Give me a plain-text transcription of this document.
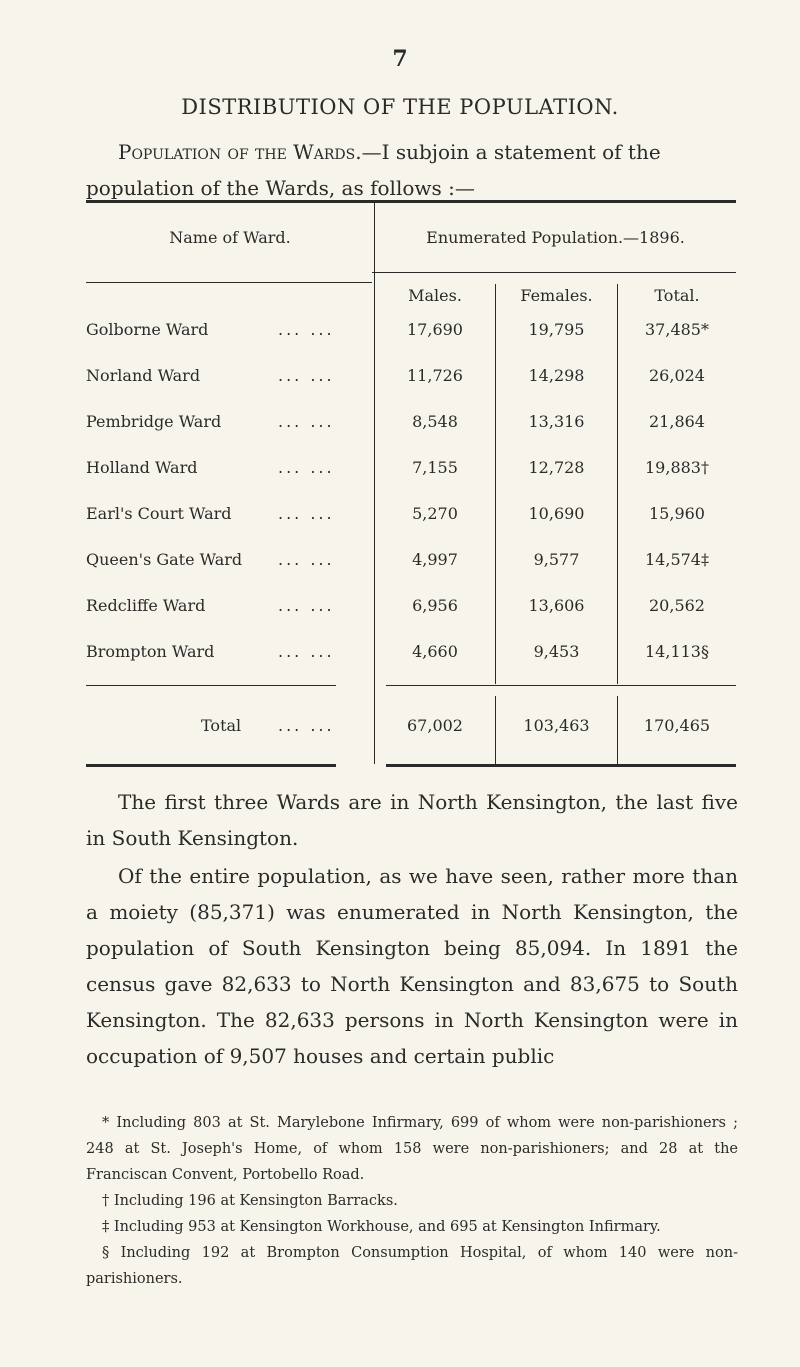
7
DISTRIBUTION OF THE POPULATION.
Population of the Wards.—I subjoin a statement of the population of the Wards, as follows :—
Name of Ward.	Enumerated Population.—1896.
Males.	Females.	Total.
Golborne Ward	... ...	17,690	19,795	37,485*
Norland Ward	... ...	11,726	14,298	26,024
Pembridge Ward	... ...	8,548	13,316	21,864
Holland Ward	... ...	7,155	12,728	19,883†
Earl's Court Ward	... ...	5,270	10,690	15,960
Queen's Gate Ward ... ...	4,997	9,577	14,574‡
Redcliffe Ward	... ...	6,956	13,606	20,562
Brompton Ward	... ...	4,660	9,453	14,113§
Total ... ...	67,002	103,463	170,465

The first three Wards are in North Kensington, the last five in South Kensington.

Of the entire population, as we have seen, rather more than a moiety (85,371) was enumerated in North Kensington, the population of South Kensington being 85,094. In 1891 the census gave 82,633 to North Kensington and 83,675 to South Kensington. The 82,633 persons in North Kensington were in occupation of 9,507 houses and certain public

* Including 803 at St. Marylebone Infirmary, 699 of whom were non-parishioners ; 248 at St. Joseph's Home, of whom 158 were non-parishioners; and 28 at the Franciscan Convent, Portobello Road.

† Including 196 at Kensington Barracks.

‡ Including 953 at Kensington Workhouse, and 695 at Kensington Infirmary.

§ Including 192 at Brompton Consumption Hospital, of whom 140 were non-parishioners.
